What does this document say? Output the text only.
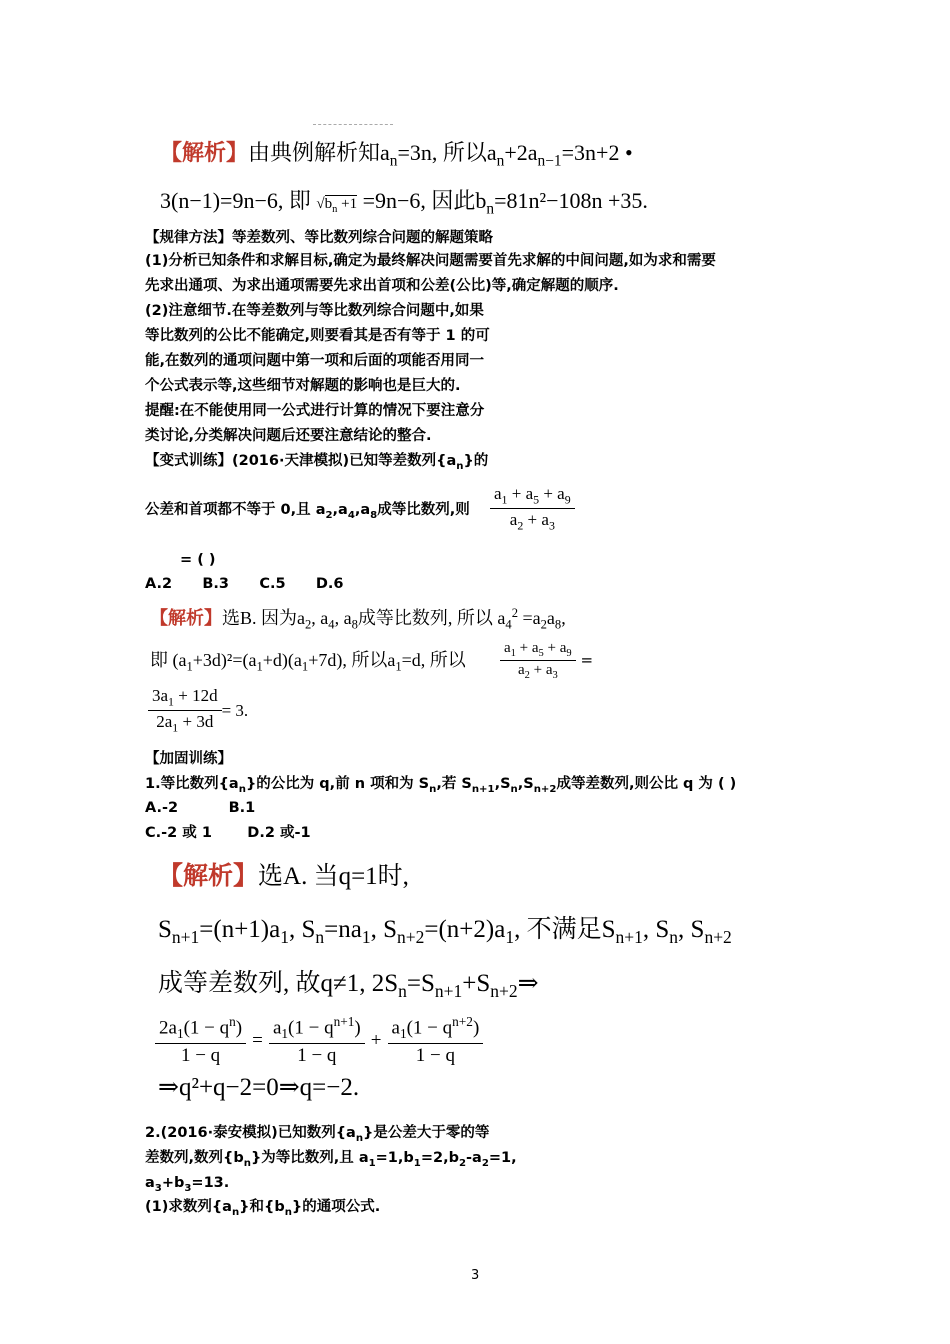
【解析】由典例解析知$a_n=3n$, 所以$a_n+2a_{n-1}=3n+2$ •
3(n−1)=9n−6, 即 $√b_n +1 =9n-6$, 因此$b_n=81n^2-108n +35$.
【规律方法】等差数列、等比数列综合问题的解题策略
(1)分析已知条件和求解目标,确定为最终解决问题需要首先求解的中间问题,如为求和需要
先求出通项、为求出通项需要先求出首项和公差(公比)等,确定解题的顺序.
(2)注意细节.在等差数列与等比数列综合问题中,如果
等比数列的公比不能确定,则要看其是否有等于 1 的可
能,在数列的通项问题中第一项和后面的项能否用同一
个公式表示等,这些细节对解题的影响也是巨大的.
提醒:在不能使用同一公式进行计算的情况下要注意分
类讨论,分类解决问题后还要注意结论的整合.
【变式训练】(2016·天津模拟)已知等差数列$\{a_n\}$的
公差和首项都不等于 0,且 $a_2,a_4,a_8$成等比数列,则 $\frac{a_1 + a_5 + a_9}{a_2 + a_3}$
= ( )
A.2      B.3      C.5      D.6
【解析】选B. 因为$a_2$, $a_4$, $a_8$成等比数列, 所以 $a_4^2 =a_2a_8$,
即 $(a_1+3d)^2=(a_1+d)(a_1+7d)$, 所以$a_1=d$, 所以 $\frac{a_1 + a_5 + a_9}{a_2 + a_3}$ =
$\frac{3a_1 + 12d}{2a_1 + 3d} = 3$.
【加固训练】
1.等比数列$\{a_n\}$的公比为 q,前 n 项和为 $S_n$,若 $S_{n+1},S_n,S_{n+2}$成等差数列,则公比 q 为 ( )
A.-2          B.1
C.-2 或 1       D.2 或-1
【解析】选A. 当q=1时,
$S_{n+1}=(n+1)a_1$, $S_n=na_1$, $S_{n+2}=(n+2)a_1$, 不满足$S_{n+1}$, $S_n$, $S_{n+2}$
成等差数列, 故q≠1, $2S_n=S_{n+1}+S_{n+2}\Rightarrow$
$\frac{2a_1(1 - q^n)}{1 - q} = \frac{a_1(1 - q^{n+1})}{1 - q} + \frac{a_1(1 - q^{n+2})}{1 - q}$
⇒q²+q−2=0⇒q=−2.
2.(2016·泰安模拟)已知数列$\{a_n\}$是公差大于零的等
差数列,数列$\{b_n\}$为等比数列,且 $a_1=1,b_1=2,b_2-a_2=1$,
$a_3+b_3=13$.
(1)求数列$\{a_n\}$和$\{b_n\}$的通项公式.
3
